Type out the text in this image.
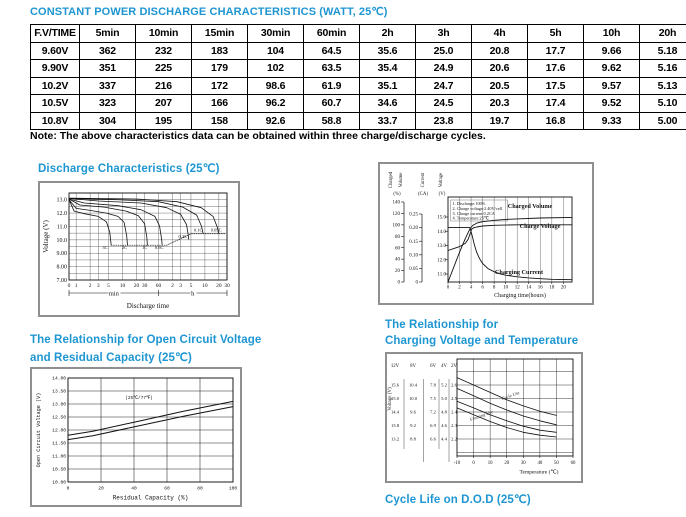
CONSTANT POWER DISCHARGE CHARACTERISTICS (WATT, 25℃)
F.V/TIME	5min	10min	15min	30min	60min	2h	3h	4h	5h	10h	20h
9.60V	362	232	183	104	64.5	35.6	25.0	20.8	17.7	9.66	5.18
9.90V	351	225	179	102	63.5	35.4	24.9	20.6	17.6	9.62	5.16
10.2V	337	216	172	98.6	61.9	35.1	24.7	20.5	17.5	9.57	5.13
10.5V	323	207	166	96.2	60.7	34.6	24.5	20.3	17.4	9.52	5.10
10.8V	304	195	158	92.6	58.8	33.7	23.8	19.7	16.8	9.33	5.00
Note: The above characteristics data can be obtained within three charge/discharge cycles.
Discharge Characteristics (25℃)
13.0
12.0
11.0
10.0
9.00
8.00
7.00
0 1 2 3 5 10 20 30 60 2 3 5 10 20 30
min	h
Discharge time
Voltage (V)	3C	2C	1C 0.6C
0.2C
0.1C 0.05C
140
120
100
80
60
40
20
0
0.25
0.20
0.15
0.10
0.05
0
15.0
14.0
13.0
12.0
11.0
Charged Volume	Current	Voltage
(%)	(CA) (V)
1. Discharge:100%
2. Charge voltage:2.40V/cell
3. Charge current:0.2CA
4. Temperature:25℃
0 2 4 6 8 10 12 14 16 18 20
Charging time(hours)
Charged Volume
Charge Voltage
Charging Current
The Relationship for Open Circuit Voltage
and Residual Capacity (25℃)
14.00
13.50
13.00
12.50
12.00
11.50
11.00
10.50
10.00
0	20	40	60	80	100
Residual Capacity (%)
Open Circuit Voltage (V)	(25℃/77℉)
The Relationship for
Charging Voltage and Temperature
12V 8V	6V 4V 2V
15.6 10.4	7.8 5.2 2.6
15.0 10.0	7.5 5.0 2.5
14.4 9.6	7.2 4.8 2.4
13.8 9.2	6.9 4.6 2.3
13.2 8.8	6.6 4.4 2.2
-10	0	10 20 30 40 50 60
Temperature (℃)
Voltage (V)	Cycle Use
Floating Use
Cycle Life on D.O.D (25℃)
